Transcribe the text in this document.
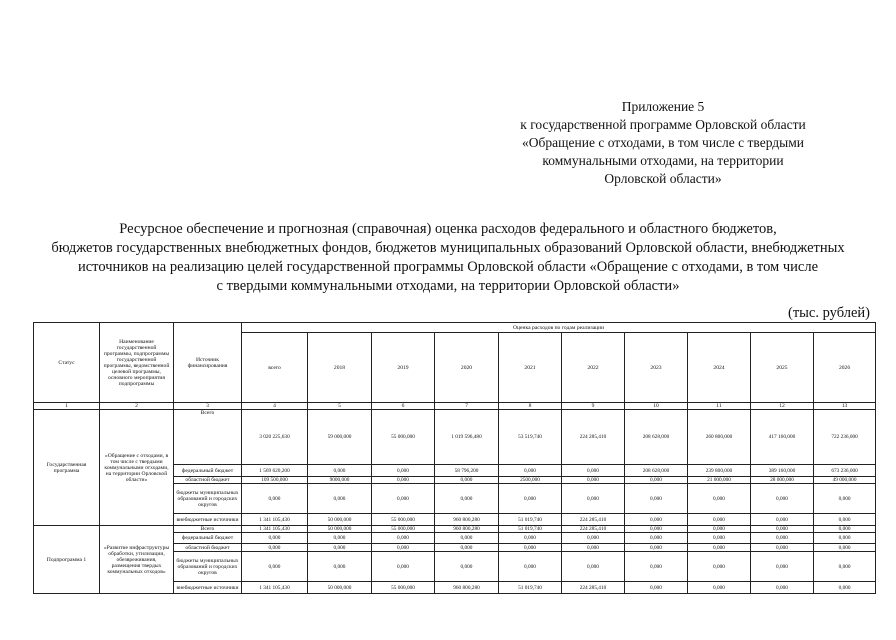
Приложение 5
к государственной программе Орловской области
«Обращение с отходами, в том числе с твердыми
коммунальными отходами, на территории
Орловской области»
Ресурсное обеспечение и прогнозная (справочная) оценка расходов федерального и областного бюджетов,
бюджетов государственных внебюджетных фондов, бюджетов муниципальных образований Орловской области, внебюджетных
источников на реализацию целей государственной программы Орловской области «Обращение с отходами, в том числе
с твердыми коммунальными отходами, на территории Орловской области»
(тыс. рублей)
Статус	Наименование государственной программы, подпрограммы государственной программы, ведомственной целевой программы, основного мероприятия подпрограммы	Источник финансирования	Оценка расходов по годам реализации									
			всего	2018	2019	2020	2021	2022	2023	2024	2025	2026
1	2	3	4	5	6	7	8	9	10	11	12	13
Государственная программа	«Обращение с отходами, в том числе с твердыми коммунальными отходами, на территории Орловской области»	Всего	3 020 225,630	59 000,000	55 000,000	1 019 596,480	53 519,740	224 285,410	208 628,000	260 800,000	417 160,000	722 236,000
		федеральный бюджет	1 569 620,200	0,000	0,000	58 796,200	0,000	0,000	208 628,000	239 800,000	389 160,000	673 236,000
		областной бюджет	109 500,000	9000,000	0,000	0,000	2500,000	0,000	0,000	21 000,000	28 000,000	49 000,000
		бюджеты муниципальных образований и городских округов	0,000	0,000	0,000	0,000	0,000	0,000	0,000	0,000	0,000	0,000
		внебюджетные источники	1 341 105,430	50 000,000	55 000,000	960 800,280	51 019,740	224 285,410	0,000	0,000	0,000	0,000
Подпрограмма 1	«Развитие инфраструктуры обработки, утилизации, обезвреживания, размещения твердых коммунальных отходов»	Всего	1 341 105,430	50 000,000	55 000,000	960 800,280	51 019,740	224 285,410	0,000	0,000	0,000	0,000
		федеральный бюджет	0,000	0,000	0,000	0,000	0,000	0,000	0,000	0,000	0,000	0,000
		областной бюджет	0,000	0,000	0,000	0,000	0,000	0,000	0,000	0,000	0,000	0,000
		бюджеты муниципальных образований и городских округов	0,000	0,000	0,000	0,000	0,000	0,000	0,000	0,000	0,000	0,000
		внебюджетные источники	1 341 105,430	50 000,000	55 000,000	960 800,280	51 019,740	224 285,410	0,000	0,000	0,000	0,000
